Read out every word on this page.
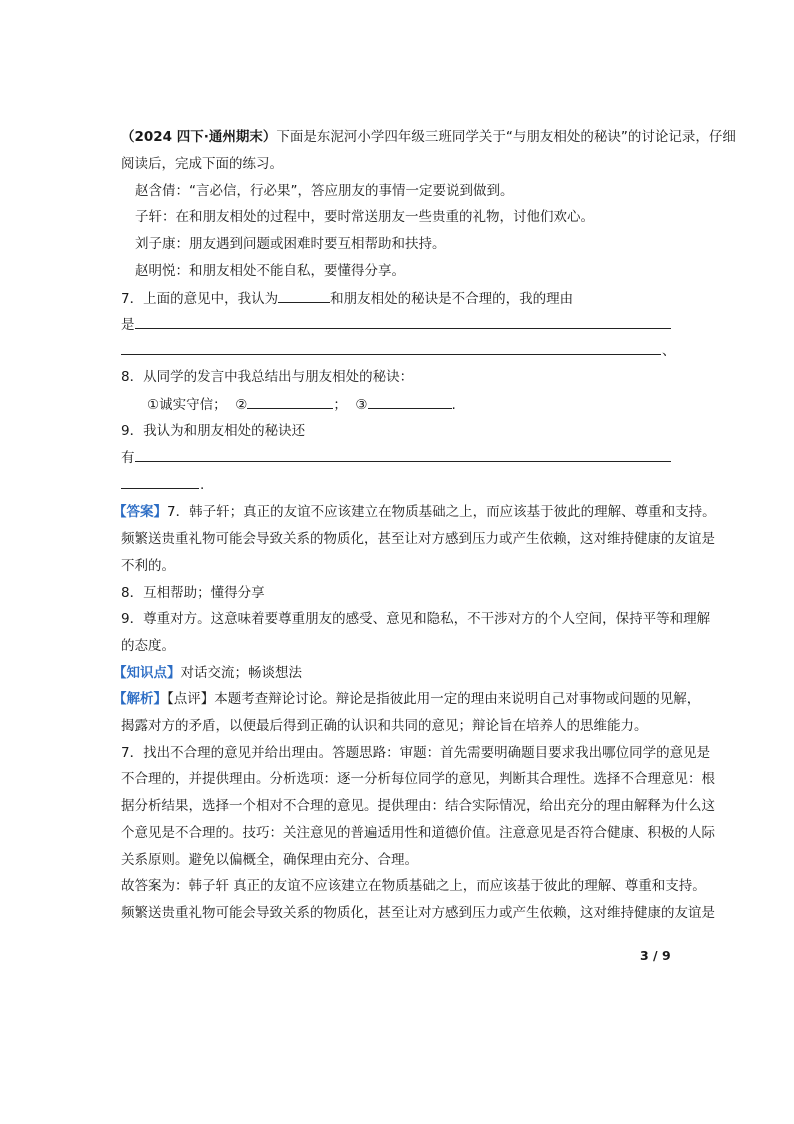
（2024 四下·通州期末）下面是东泥河小学四年级三班同学关于“与朋友相处的秘诀”的讨论记录，仔细
阅读后，完成下面的练习。
赵含倩：“言必信，行必果”，答应朋友的事情一定要说到做到。
子轩：在和朋友相处的过程中，要时常送朋友一些贵重的礼物，讨他们欢心。
刘子康：朋友遇到问题或困难时要互相帮助和扶持。
赵明悦：和朋友相处不能自私，要懂得分享。
7．上面的意见中，我认为	和朋友相处的秘诀是不合理的，我的理由
是
、
8．从同学的发言中我总结出与朋友相处的秘诀：
①诚实守信； ②	； ③	.
9．我认为和朋友相处的秘诀还
有
.
【答案】7．韩子轩；真正的友谊不应该建立在物质基础之上，而应该基于彼此的理解、尊重和支持。
频繁送贵重礼物可能会导致关系的物质化，甚至让对方感到压力或产生依赖，这对维持健康的友谊是
不利的。
8．互相帮助；懂得分享
9．尊重对方。这意味着要尊重朋友的感受、意见和隐私，不干涉对方的个人空间，保持平等和理解
的态度。
【知识点】对话交流；畅谈想法
【解析】【点评】本题考查辩论讨论。辩论是指彼此用一定的理由来说明自己对事物或问题的见解，
揭露对方的矛盾，以便最后得到正确的认识和共同的意见；辩论旨在培养人的思维能力。
7．找出不合理的意见并给出理由。答题思路：审题：首先需要明确题目要求我出哪位同学的意见是
不合理的，并提供理由。分析选项：逐一分析每位同学的意见，判断其合理性。选择不合理意见：根
据分析结果，选择一个相对不合理的意见。提供理由：结合实际情况，给出充分的理由解释为什么这
个意见是不合理的。技巧：关注意见的普遍适用性和道德价值。注意意见是否符合健康、积极的人际
关系原则。避免以偏概全，确保理由充分、合理。
故答案为：韩子轩 真正的友谊不应该建立在物质基础之上，而应该基于彼此的理解、尊重和支持。
频繁送贵重礼物可能会导致关系的物质化，甚至让对方感到压力或产生依赖，这对维持健康的友谊是
3 / 9
